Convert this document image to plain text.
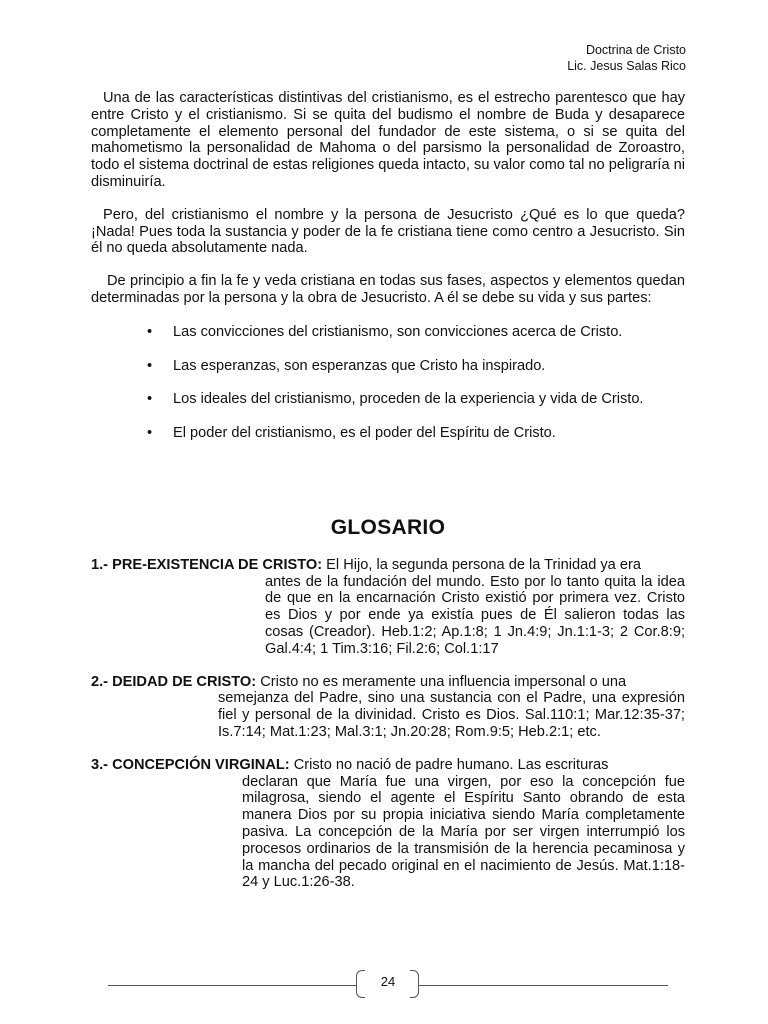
Doctrina de Cristo
Lic. Jesus Salas Rico

Una de las características distintivas del cristianismo, es el estrecho parentesco que hay entre Cristo y el cristianismo. Si se quita del budismo el nombre de Buda y desaparece completamente el elemento personal del fundador de este sistema, o si se quita del mahometismo la personalidad de Mahoma o del parsismo la personalidad de Zoroastro, todo el sistema doctrinal de estas religiones queda intacto, su valor como tal no peligraría ni disminuiría.

Pero, del cristianismo el nombre y la persona de Jesucristo ¿Qué es lo que queda? ¡Nada! Pues toda la sustancia y poder de la fe cristiana tiene como centro a Jesucristo. Sin él no queda absolutamente nada.

De principio a fin la fe y veda cristiana en todas sus fases, aspectos y elementos quedan determinadas por la persona y la obra de Jesucristo. A él se debe su vida y sus partes:

• Las convicciones del cristianismo, son convicciones acerca de Cristo.
• Las esperanzas, son esperanzas que Cristo ha inspirado.
• Los ideales del cristianismo, proceden de la experiencia y vida de Cristo.
• El poder del cristianismo, es el poder del Espíritu de Cristo.
GLOSARIO
1.- PRE-EXISTENCIA DE CRISTO: El Hijo, la segunda persona de la Trinidad ya era
antes de la fundación del mundo. Esto por lo tanto quita la idea de que en la encarnación Cristo existió por primera vez. Cristo es Dios y por ende ya existía pues de Él salieron todas las cosas (Creador). Heb.1:2; Ap.1:8; 1 Jn.4:9; Jn.1:1-3; 2 Cor.8:9; Gal.4:4; 1 Tim.3:16; Fil.2:6; Col.1:17
2.- DEIDAD DE CRISTO: Cristo no es meramente una influencia impersonal o una
semejanza del Padre, sino una sustancia con el Padre, una expresión fiel y personal de la divinidad. Cristo es Dios. Sal.110:1; Mar.12:35-37; Is.7:14; Mat.1:23; Mal.3:1; Jn.20:28; Rom.9:5; Heb.2:1; etc.
3.- CONCEPCIÓN VIRGINAL: Cristo no nació de padre humano. Las escrituras
declaran que María fue una virgen, por eso la concepción fue milagrosa, siendo el agente el Espíritu Santo obrando de esta manera Dios por su propia iniciativa siendo María completamente pasiva. La concepción de la María por ser virgen interrumpió los procesos ordinarios de la transmisión de la herencia pecaminosa y la mancha del pecado original en el nacimiento de Jesús. Mat.1:18-24 y Luc.1:26-38.
24
